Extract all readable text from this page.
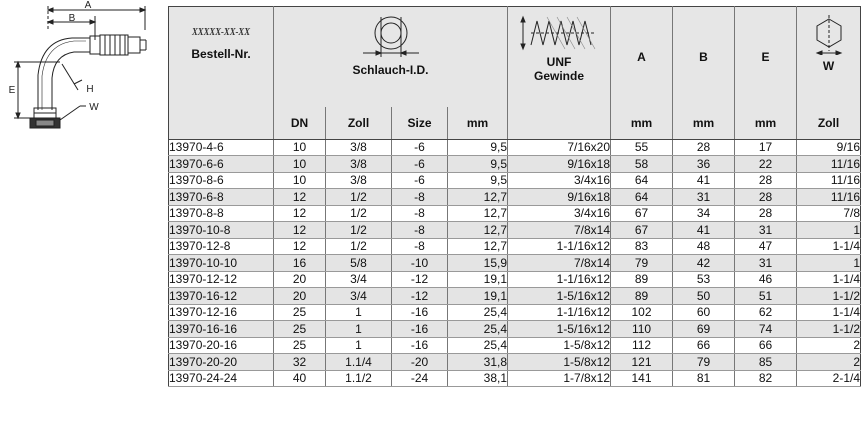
A
B
E	H
W
XXXXX-XX-XX
Bestell-Nr.	Schlauch-I.D.				UNF
Gewinde	A	B	E	W

	DN	Zoll	Size	mm		mm	mm	mm	Zoll
13970-4-6	10	3/8	-6	9,5	7/16x20	55	28	17	9/16
13970-6-6	10	3/8	-6	9,5	9/16x18	58	36	22	11/16
13970-8-6	10	3/8	-6	9,5	3/4x16	64	41	28	11/16
13970-6-8	12	1/2	-8	12,7	9/16x18	64	31	28	11/16
13970-8-8	12	1/2	-8	12,7	3/4x16	67	34	28	7/8
13970-10-8	12	1/2	-8	12,7	7/8x14	67	41	31	1
13970-12-8	12	1/2	-8	12,7	1-1/16x12	83	48	47	1-1/4
13970-10-10	16	5/8	-10	15,9	7/8x14	79	42	31	1
13970-12-12	20	3/4	-12	19,1	1-1/16x12	89	53	46	1-1/4
13970-16-12	20	3/4	-12	19,1	1-5/16x12	89	50	51	1-1/2
13970-12-16	25	1	-16	25,4	1-1/16x12	102	60	62	1-1/4
13970-16-16	25	1	-16	25,4	1-5/16x12	110	69	74	1-1/2
13970-20-16	25	1	-16	25,4	1-5/8x12	112	66	66	2
13970-20-20	32	1.1/4	-20	31,8	1-5/8x12	121	79	85	2
13970-24-24	40	1.1/2	-24	38,1	1-7/8x12	141	81	82	2-1/4
